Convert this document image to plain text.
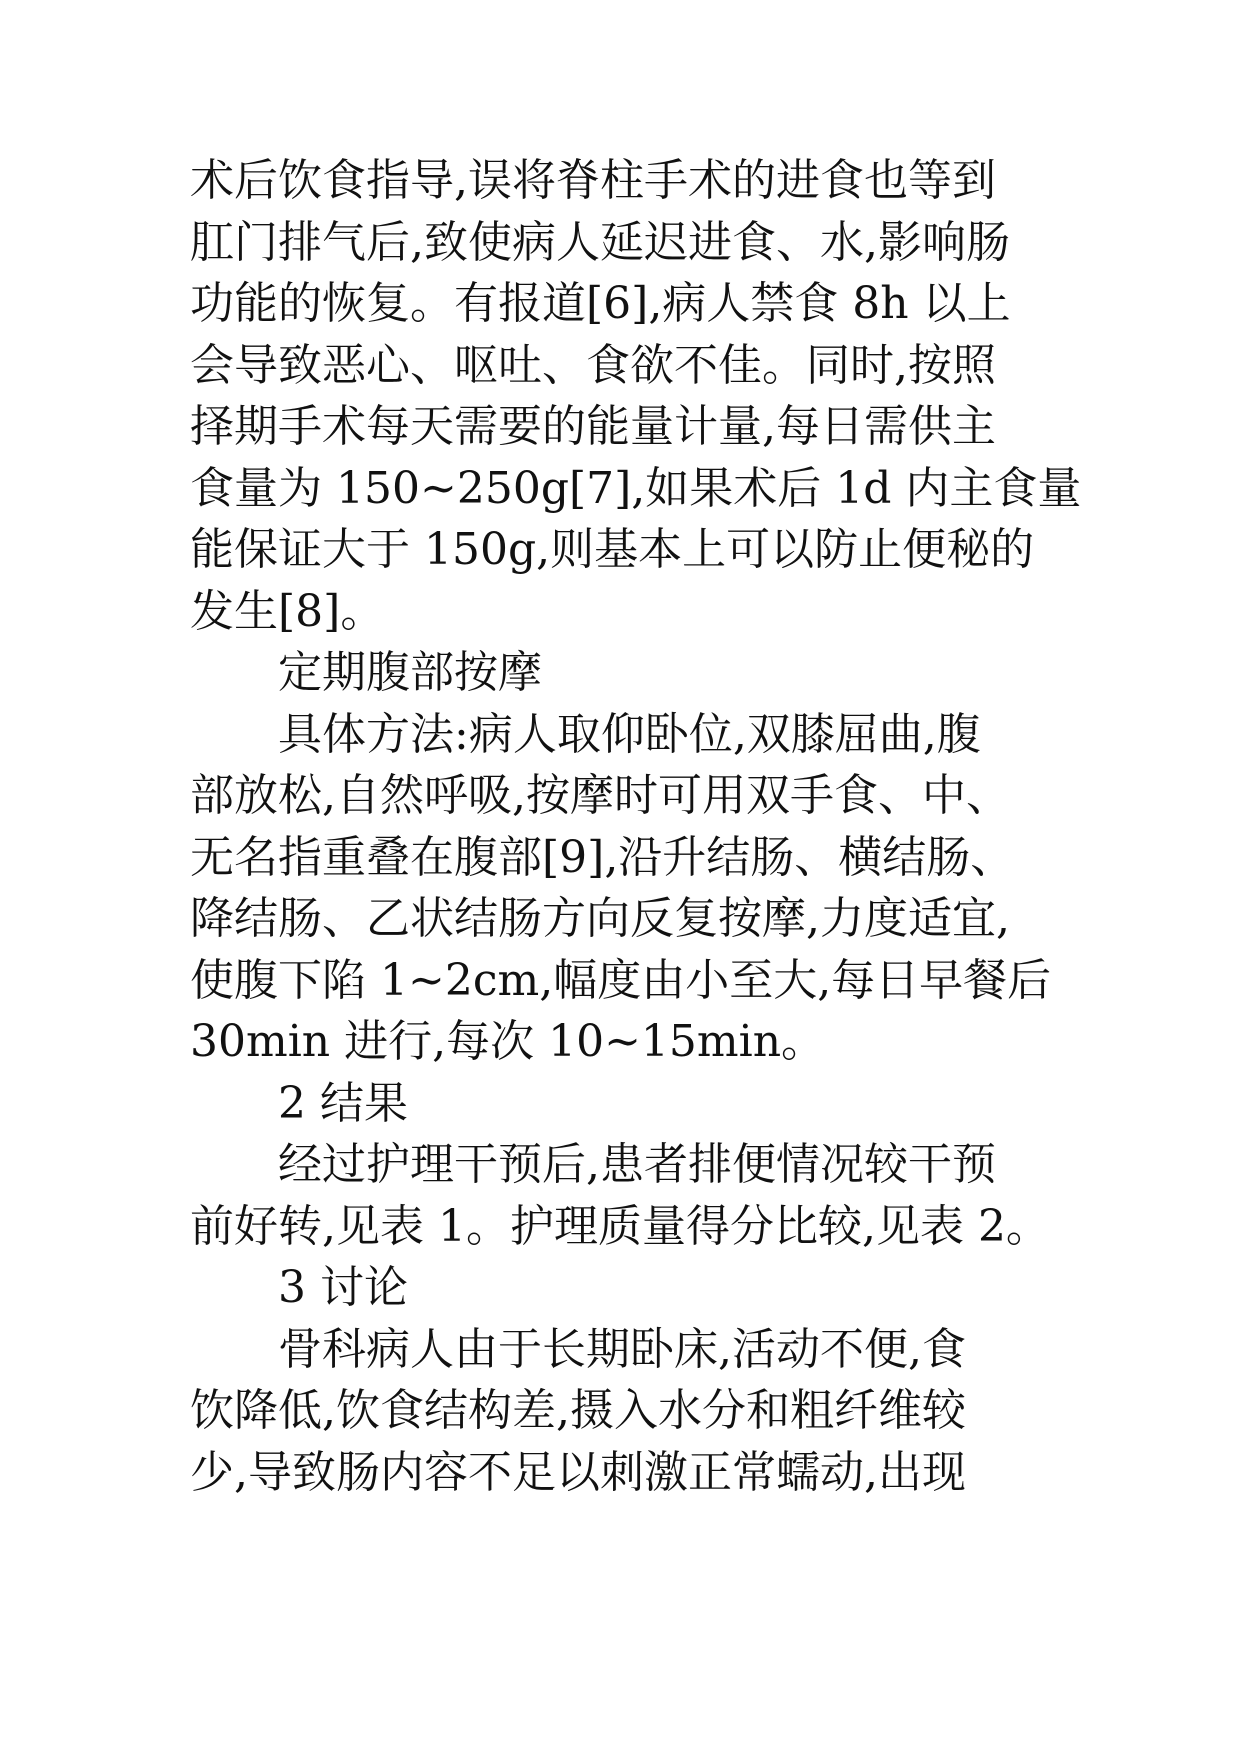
术后饮食指导,误将脊柱手术的进食也等到
肛门排气后,致使病人延迟进食、水,影响肠
功能的恢复。有报道[6],病人禁食 8h 以上
会导致恶心、呕吐、食欲不佳。同时,按照
择期手术每天需要的能量计量,每日需供主
食量为 150~250g[7],如果术后 1d 内主食量
能保证大于 150g,则基本上可以防止便秘的
发生[8]。
定期腹部按摩
具体方法:病人取仰卧位,双膝屈曲,腹
部放松,自然呼吸,按摩时可用双手食、中、
无名指重叠在腹部[9],沿升结肠、横结肠、
降结肠、乙状结肠方向反复按摩,力度适宜,
使腹下陷 1~2cm,幅度由小至大,每日早餐后
30min 进行,每次 10~15min。
2 结果
经过护理干预后,患者排便情况较干预
前好转,见表 1。护理质量得分比较,见表 2。
3 讨论
骨科病人由于长期卧床,活动不便,食
饮降低,饮食结构差,摄入水分和粗纤维较
少,导致肠内容不足以刺激正常蠕动,出现
